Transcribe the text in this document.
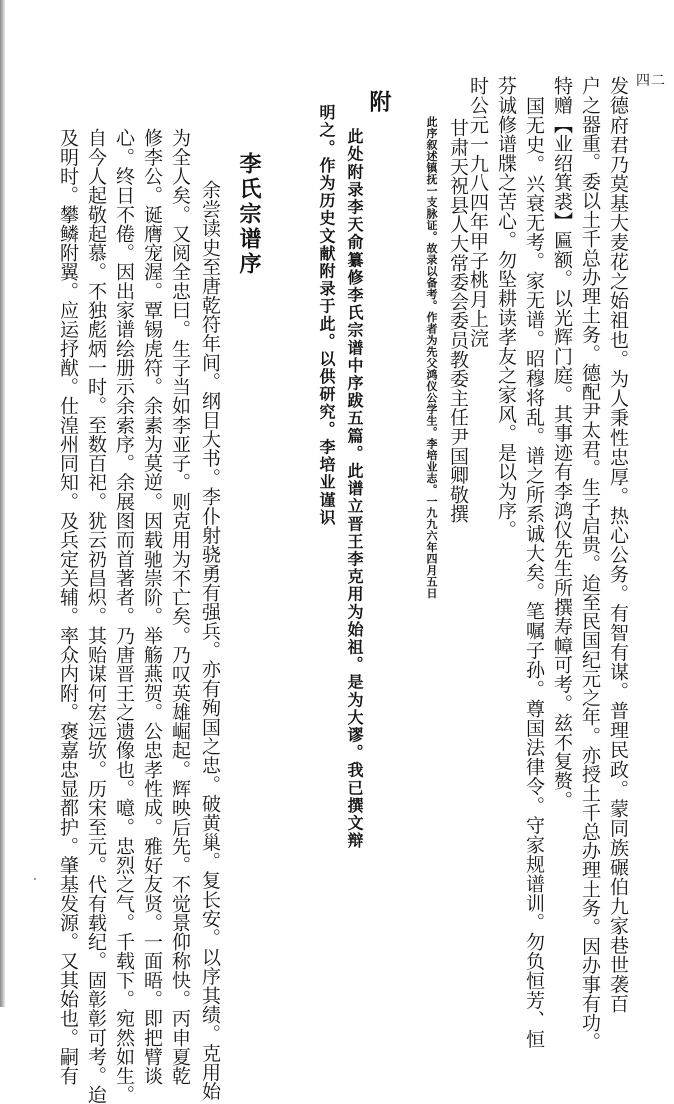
四二

发德府君乃莫基大麦花之始祖也。为人秉性忠厚。热心公务。有智有谋。普理民政。蒙同族碾伯九家巷世袭百

户之器重。委以土千总办理土务。德配尹太君。生子启贵。迨至民国纪元之年。亦授土千总办理土务。因办事有功。

特赠【业绍箕裘】匾额。以光辉门庭。其事迹有李鸿仪先生所撰寿幛可考。兹不复赘。

国无史。兴衰无考。家无谱。昭穆将乱。谱之所系诚大矣。笔嘱子孙。尊国法律令。守家规谱训。勿负恒芳、恒

芬诚修谱牒之苦心。勿坠耕读孝友之家风。是以为序。

时公元一九八四年甲子桃月上浣

甘肃天祝县人大常委会委员教委主任尹国卿敬撰

此序叙述镇抚一支脉证。故录以备考。作者为先父鸿仪公学生。李培业志。一九九六年四月五日

附

此处附录李天俞纂修李氏宗谱中序跋五篇。此谱立晋王李克用为始祖。是为大谬。我已撰文辩

明之。作为历史文献附录于此。以供研究。李培业谨识

李氏宗谱序

余尝读史至唐乾符年间。纲目大书。李仆射骁勇有强兵。亦有殉国之忠。破黄巢。复长安。以序其绩。克用始

为全人矣。又阅全忠曰。生子当如李亚子。则克用为不亡矣。乃叹英雄崛起。辉映后先。不觉景仰称快。丙申夏乾

修李公。诞膺宠渥。覃锡虎符。余素为莫逆。因载驰崇阶。举觞燕贺。公忠孝性成。雅好友贤。一面晤。即把臂谈

心。终日不倦。因出家谱绘册示余索序。余展图而首著者。乃唐晋王之遗像也。噫。忠烈之气。千载下。宛然如生。

自今人起敬起慕。不独彪炳一时。至数百祀。犹云礽昌炽。其贻谋何宏远欤。历宋至元。代有载纪。固彰彰可考。迨

及明时。攀鳞附翼。应运抒猷。仕湟州同知。及兵定关辅。率众内附。褒嘉忠显都护。肇基发源。又其始也。嗣有
